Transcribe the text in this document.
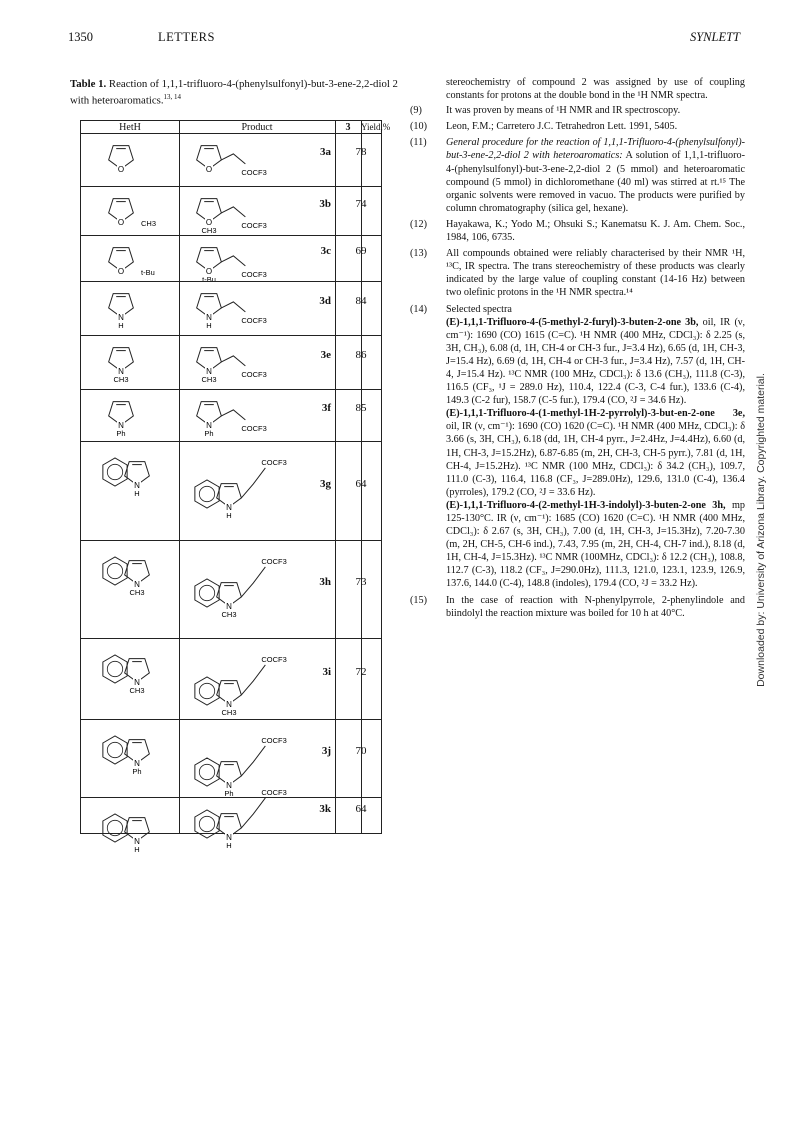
1350	LETTERS	SYNLETT
Table 1. Reaction of 1,1,1-trifluoro-4-(phenylsulfonyl)-but-3-ene-2,2-diol 2 with heteroaromatics.$^{13, 14}$
HetH	Product	3	Yield,%
O	O	COCF3
3a	78
O CH3	O	COCF3
CH3
3b	74
O t-Bu	O	COCF3
t-Bu
3c	69
N
H
N	COCF3
H
3d	84
N
CH3
N	COCF3
CH3
3e	86
N
Ph
N	COCF3
Ph
3f	85
N
H
N
COCF3
H
3g	64
N
CH3
N
COCF3
CH3
3h	73
N
CH3
N
COCF3
CH3
3i	72
N
Ph
N
COCF3
Ph
3j	70
N
H
N
COCF3
H
3k	64

stereochemistry of compound 2 was assigned by use of coupling constants for protons at the double bond in the ¹H NMR spectra.

(9) It was proven by means of ¹H NMR and IR spectroscopy.
(10) Leon, F.M.; Carretero J.C. Tetrahedron Lett. 1991, 5405.
(11) General procedure for the reaction of 1,1,1-Trifluoro-4-(phenylsulfonyl)-but-3-ene-2,2-diol 2 with heteroaromatics: A solution of 1,1,1-trifluoro-4-(phenylsulfonyl)-but-3-ene-2,2-diol 2 (5 mmol) and heteroaromatic compound (5 mmol) in dichloromethane (40 ml) was stirred at rt.¹⁵ The organic solvents were removed in vacuo. The products were purified by column chromatography (silica gel, hexane).
(12) Hayakawa, K.; Yodo M.; Ohsuki S.; Kanematsu K. J. Am. Chem. Soc., 1984, 106, 6735.
(13) All compounds obtained were reliably characterised by their NMR ¹H, ¹³C, IR spectra. The trans stereochemistry of these products was clearly indicated by the large value of coupling constant (14-16 Hz) between two olefinic protons in the ¹H NMR spectra.¹⁴
(14) Selected spectra

(E)-1,1,1-Trifluoro-4-(5-methyl-2-furyl)-3-buten-2-one 3b, oil, IR (ν, cm⁻¹): 1690 (CO) 1615 (C=C). ¹H NMR (400 MHz, CDCl₃): δ 2.25 (s, 3H, CH₃), 6.08 (d, 1H, CH-4 or CH-3 fur., J=3.4 Hz), 6.65 (d, 1H, CH-3, J=15.4 Hz), 6.69 (d, 1H, CH-4 or CH-3 fur., J=3.4 Hz), 7.57 (d, 1H, CH-4, J=15.4 Hz). ¹³C NMR (100 MHz, CDCl₃): δ 13.6 (CH₃), 111.8 (C-3), 116.5 (CF₃, ¹J = 289.0 Hz), 110.4, 122.4 (C-3, C-4 fur.), 133.6 (C-4), 149.3 (C-2 fur), 158.7 (C-5 fur.), 179.4 (CO, ²J = 34.6 Hz).

(E)-1,1,1-Trifluoro-4-(1-methyl-1H-2-pyrrolyl)-3-but-en-2-one 3e, oil, IR (ν, cm⁻¹): 1690 (CO) 1620 (C=C). ¹H NMR (400 MHz, CDCl₃): δ 3.66 (s, 3H, CH₃), 6.18 (dd, 1H, CH-4 pyrr., J=2.4Hz, J=4.4Hz), 6.60 (d, 1H, CH-3, J=15.2Hz), 6.87-6.85 (m, 2H, CH-3, CH-5 pyrr.), 7.81 (d, 1H, CH-4, J=15.2Hz). ¹³C NMR (100 MHz, CDCl₃): δ 34.2 (CH₃), 109.7, 111.0 (C-3), 116.4, 116.8 (CF₃, J=289.0Hz), 129.6, 131.0 (C-4), 136.4 (pyrroles), 179.2 (CO, ²J = 33.6 Hz).

(E)-1,1,1-Trifluoro-4-(2-methyl-1H-3-indolyl)-3-buten-2-one 3h, mp 125-130°C. IR (ν, cm⁻¹): 1685 (CO) 1620 (C=C). ¹H NMR (400 MHz, CDCl₃): δ 2.67 (s, 3H, CH₃), 7.00 (d, 1H, CH-3, J=15.3Hz), 7.20-7.30 (m, 2H, CH-5, CH-6 ind.), 7.43, 7.95 (m, 2H, CH-4, CH-7 ind.), 8.18 (d, 1H, CH-4, J=15.3Hz). ¹³C NMR (100MHz, CDCl₃): δ 12.2 (CH₃), 108.8, 112.7 (C-3), 118.2 (CF₃, J=290.0Hz), 111.3, 121.0, 123.1, 123.9, 126.9, 137.6, 144.0 (C-4), 148.8 (indoles), 179.4 (CO, ²J = 33.2 Hz).

(15) In the case of reaction with N-phenylpyrrole, 2-phenylindole and biindolyl the reaction mixture was boiled for 10 h at 40°C.	Downloaded by: University of Arizona Library. Copyrighted material.
